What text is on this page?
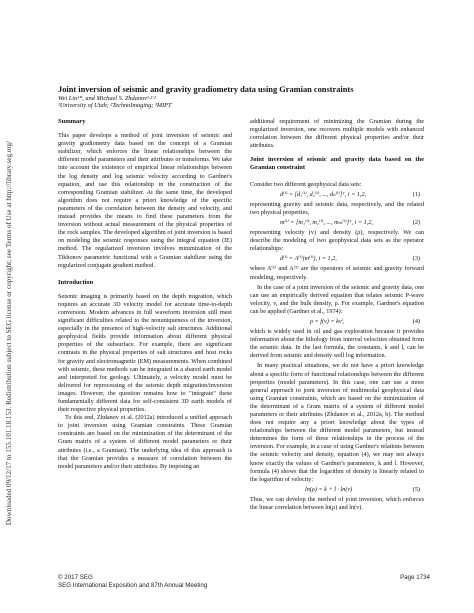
Downloaded 09/12/17 to 155.101.18.153. Redistribution subject to SEG license or copyright; see Terms of Use at http://library.seg.org/
Joint inversion of seismic and gravity gradiometry data using Gramian constraints
Wei Lin¹*, and Michael S. Zhdanov¹·²·³
¹University of Utah; ²TechnoImaging; ³MIPT
Summary

This paper develops a method of joint inversion of seismic and gravity gradiometry data based on the concept of a Gramian stabilizer, which enforces the linear relationships between the different model parameters and their attributes or transforms. We take into account the existence of empirical linear relationships between the log density and log seismic velocity according to Gardner's equation, and use this relationship in the construction of the corresponding Gramian stabilizer. At the same time, the developed algorithm does not require a priori knowledge of the specific parameters of the correlation between the density and velocity, and instead provides the means to find these parameters from the inversion without actual measurement of the physical properties of the rock samples. The developed algorithm of joint inversion is based on modeling the seismic responses using the integral equation (IE) method. The regularized inversion involves minimization of the Tikhonov parametric functional with a Gramian stabilizer using the regularized conjugate gradient method.

Introduction

Seismic imaging is primarily based on the depth migration, which requires an accurate 3D velocity model for accurate time-to-depth conversion. Modern advances in full waveform inversion still meet significant difficulties related to the nonuniqueness of the inversion, especially in the presence of high-velocity salt structures. Additional geophysical fields provide information about different physical properties of the subsurface. For example, there are significant contrasts in the physical properties of salt structures and host rocks for gravity and electromagnetic (EM) measurements. When combined with seismic, these methods can be integrated in a shared earth model and interpreted for geology. Ultimately, a velocity model must be delivered for reprocessing of the seismic depth migration/inversion images. However, the question remains how to "integrate" these fundamentally different data for self-consistent 3D earth models of their respective physical properties.

To this end, Zhdanov et al. (2012a) introduced a unified approach to joint inversion using Gramian constraints. These Gramian constraints are based on the minimization of the determinant of the Gram matrix of a system of different model parameters or their attributes (i.e., a Gramian). The underlying idea of this approach is that the Gramian provides a measure of correlation between the model parameters and/or their attributes. By imposing an

additional requirement of minimizing the Gramian during the regularized inversion, one recovers multiple models with enhanced correlation between the different physical properties and/or their attributes.

Joint inversion of seismic and gravity data based on the Gramian constraint

Consider two different geophysical data sets:

d⁽ⁱ⁾ = [d₁⁽ⁱ⁾, d₂⁽ⁱ⁾, ..., dₙ⁽ⁱ⁾]ᵀ, i = 1,2,	(1)

representing gravity and seismic data, respectively, and the related two physical properties,

m⁽ⁱ⁾ = [m₁⁽ⁱ⁾, m₂⁽ⁱ⁾, ..., mₘ⁽ⁱ⁾]ᵀ, i = 1,2,	(2)

representing velocity (v) and density (ρ), respectively. We can describe the modeling of two geophysical data sets as the operator relationships:

d⁽ⁱ⁾ = A⁽ⁱ⁾(m⁽ⁱ⁾), i = 1,2,	(3)

where A⁽¹⁾ and A⁽²⁾ are the operators of seismic and gravity forward modeling, respectively.

In the case of a joint inversion of the seismic and gravity data, one can use an empirically derived equation that relates seismic P-wave velocity, v, and the bulk density, ρ. For example, Gardner's equation can be applied (Gardner et al., 1974):

ρ = f(v) = kvˡ,	(4)

which is widely used in oil and gas exploration because it provides information about the lithology from interval velocities obtained from the seismic data. In the last formula, the constants, k and l, can be derived from seismic and density well log information.

In many practical situations, we do not have a priori knowledge about a specific form of functional relationships between the different properties (model parameters). In this case, one can use a more general approach to joint inversion of multimodal geophysical data using Gramian constraints, which are based on the minimization of the determinant of a Gram matrix of a system of different model parameters or their attributes (Zhdanov et al., 2012a, b). The method does not require any a priori knowledge about the types of relationships between the different model parameters, but instead determines the form of these relationships in the process of the inversion. For example, in a case of using Gardner's relations between the seismic velocity and density, equation (4), we may not always know exactly the values of Gardner's parameters, k and l. However, formula (4) shows that the logarithm of density is linearly related to the logarithm of velocity:

ln(ρ) = k + l · ln(v)	(5)

Thus, we can develop the method of joint inversion, which enforces the linear correlation between ln(ρ) and ln(v).

© 2017 SEG
SEG International Exposition and 87th Annual Meeting
Page 1734
